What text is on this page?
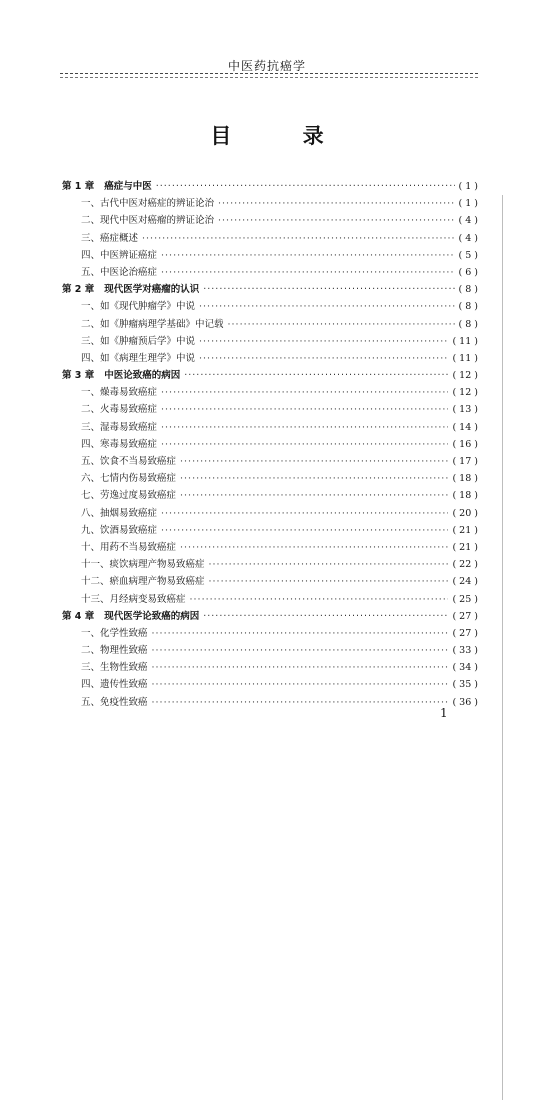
中医药抗癌学
目 录
第 1 章 癌症与中医 ·····	( 1 )
一、古代中医对癌症的辨证论治 ·····	( 1 )
二、现代中医对癌瘤的辨证论治 ·····	( 4 )
三、癌症概述 ·····	( 4 )
四、中医辨证癌症 ·····	( 5 )
五、中医论治癌症 ·····	( 6 )
第 2 章 现代医学对癌瘤的认识 ·····	( 8 )
一、如《现代肿瘤学》中说 ·····	( 8 )
二、如《肿瘤病理学基础》中记载 ·····	( 8 )
三、如《肿瘤预后学》中说 ·····	( 11 )
四、如《病理生理学》中说 ·····	( 11 )
第 3 章 中医论致癌的病因 ·····	( 12 )
一、燥毒易致癌症 ·····	( 12 )
二、火毒易致癌症 ·····	( 13 )
三、湿毒易致癌症 ·····	( 14 )
四、寒毒易致癌症 ·····	( 16 )
五、饮食不当易致癌症 ·····	( 17 )
六、七情内伤易致癌症 ·····	( 18 )
七、劳逸过度易致癌症 ·····	( 18 )
八、抽烟易致癌症 ·····	( 20 )
九、饮酒易致癌症 ·····	( 21 )
十、用药不当易致癌症 ·····	( 21 )
十一、痰饮病理产物易致癌症 ·····	( 22 )
十二、瘀血病理产物易致癌症 ·····	( 24 )
十三、月经病变易致癌症 ·····	( 25 )
第 4 章 现代医学论致癌的病因 ·····	( 27 )
一、化学性致癌 ·····	( 27 )
二、物理性致癌 ·····	( 33 )
三、生物性致癌 ·····	( 34 )
四、遗传性致癌 ·····	( 35 )
五、免疫性致癌 ·····	( 36 )
1
